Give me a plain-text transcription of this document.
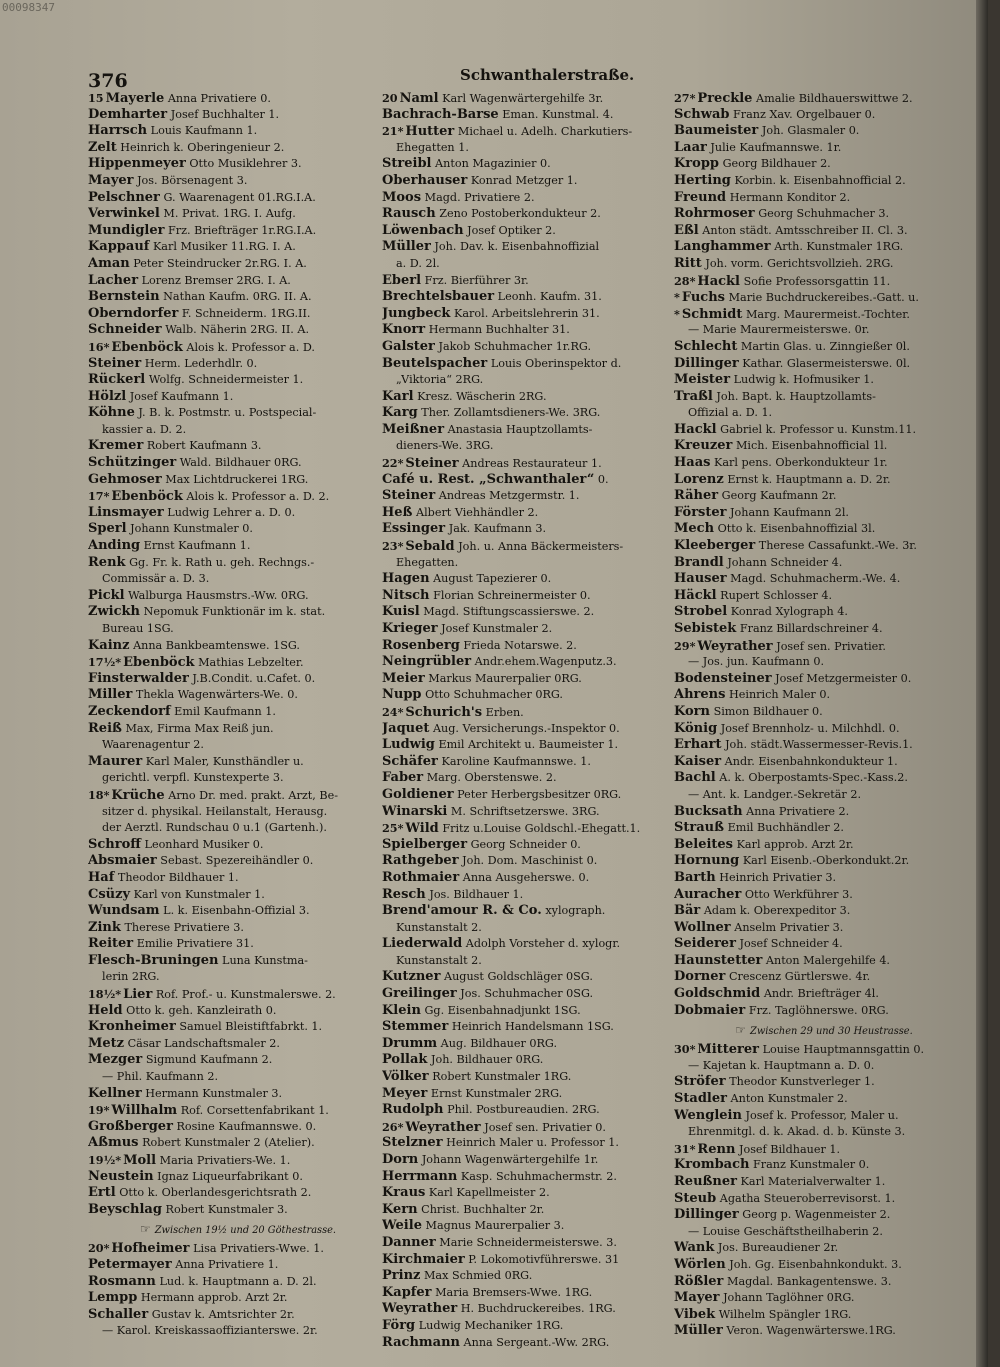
00098347
376	Schwanthalerstraße.
15 Mayerle Anna Privatiere 0.
Demharter Josef Buchhalter 1.
Harrsch Louis Kaufmann 1.
Zelt Heinrich k. Oberingenieur 2.
Hippenmeyer Otto Musiklehrer 3.
Mayer Jos. Börsenagent 3.
Pelschner G. Waarenagent 01.RG.I.A.
Verwinkel M. Privat. 1RG. I. Aufg.
Mundigler Frz. Briefträger 1r.RG.I.A.
Kappauf Karl Musiker 11.RG. I. A.
Aman Peter Steindrucker 2r.RG. I. A.
Lacher Lorenz Bremser 2RG. I. A.
Bernstein Nathan Kaufm. 0RG. II. A.
Oberndorfer F. Schneiderm. 1RG.II.
Schneider Walb. Näherin 2RG. II. A.
16* Ebenböck Alois k. Professor a. D.
Steiner Herm. Lederhdlr. 0.
Rückerl Wolfg. Schneidermeister 1.
Hölzl Josef Kaufmann 1.
Köhne J. B. k. Postmstr. u. Postspecial-
kassier a. D. 2.
Kremer Robert Kaufmann 3.
Schützinger Wald. Bildhauer 0RG.
Gehmoser Max Lichtdruckerei 1RG.
17* Ebenböck Alois k. Professor a. D. 2.
Linsmayer Ludwig Lehrer a. D. 0.
Sperl Johann Kunstmaler 0.
Anding Ernst Kaufmann 1.
Renk Gg. Fr. k. Rath u. geh. Rechngs.-
Commissär a. D. 3.
Pickl Walburga Hausmstrs.-Ww. 0RG.
Zwickh Nepomuk Funktionär im k. stat.
Bureau 1SG.
Kainz Anna Bankbeamtenswe. 1SG.
17½* Ebenböck Mathias Lebzelter.
Finsterwalder J.B.Condit. u.Cafet. 0.
Miller Thekla Wagenwärters-We. 0.
Zeckendorf Emil Kaufmann 1.
Reiß Max, Firma Max Reiß jun.
Waarenagentur 2.
Maurer Karl Maler, Kunsthändler u.
gerichtl. verpfl. Kunstexperte 3.
18* Krüche Arno Dr. med. prakt. Arzt, Be-
sitzer d. physikal. Heilanstalt, Herausg.
der Aerztl. Rundschau 0 u.1 (Gartenh.).
Schroff Leonhard Musiker 0.
Absmaier Sebast. Spezereihändler 0.
Haf Theodor Bildhauer 1.
Csüzy Karl von Kunstmaler 1.
Wundsam L. k. Eisenbahn-Offizial 3.
Zink Therese Privatiere 3.
Reiter Emilie Privatiere 31.
Flesch-Bruningen Luna Kunstma-
lerin 2RG.
18½* Lier Rof. Prof.- u. Kunstmalerswe. 2.
Held Otto k. geh. Kanzleirath 0.
Kronheimer Samuel Bleistiftfabrkt. 1.
Metz Cäsar Landschaftsmaler 2.
Mezger Sigmund Kaufmann 2.
— Phil. Kaufmann 2.
Kellner Hermann Kunstmaler 3.
19* Willhalm Rof. Corsettenfabrikant 1.
Großberger Rosine Kaufmannswe. 0.
Aßmus Robert Kunstmaler 2 (Atelier).
19½* Moll Maria Privatiers-We. 1.
Neustein Ignaz Liqueurfabrikant 0.
Ertl Otto k. Oberlandesgerichtsrath 2.
Beyschlag Robert Kunstmaler 3.
☞ Zwischen 19½ und 20 Göthestrasse.
20* Hofheimer Lisa Privatiers-Wwe. 1.
Petermayer Anna Privatiere 1.
Rosmann Lud. k. Hauptmann a. D. 2l.
Lempp Hermann approb. Arzt 2r.
Schaller Gustav k. Amtsrichter 2r.
— Karol. Kreiskassaoffizianterswe. 2r.
20 Naml Karl Wagenwärtergehilfe 3r.
Bachrach-Barse Eman. Kunstmal. 4.
21* Hutter Michael u. Adelh. Charkutiers-
Ehegatten 1.
Streibl Anton Magazinier 0.
Oberhauser Konrad Metzger 1.
Moos Magd. Privatiere 2.
Rausch Zeno Postoberkondukteur 2.
Löwenbach Josef Optiker 2.
Müller Joh. Dav. k. Eisenbahnoffizial
a. D. 2l.
Eberl Frz. Bierführer 3r.
Brechtelsbauer Leonh. Kaufm. 31.
Jungbeck Karol. Arbeitslehrerin 31.
Knorr Hermann Buchhalter 31.
Galster Jakob Schuhmacher 1r.RG.
Beutelspacher Louis Oberinspektor d.
„Viktoria“ 2RG.
Karl Kresz. Wäscherin 2RG.
Karg Ther. Zollamtsdieners-We. 3RG.
Meißner Anastasia Hauptzollamts-
dieners-We. 3RG.
22* Steiner Andreas Restaurateur 1.
Café u. Rest. „Schwanthaler“ 0.
Steiner Andreas Metzgermstr. 1.
Heß Albert Viehhändler 2.
Essinger Jak. Kaufmann 3.
23* Sebald Joh. u. Anna Bäckermeisters-
Ehegatten.
Hagen August Tapezierer 0.
Nitsch Florian Schreinermeister 0.
Kuisl Magd. Stiftungscassierswe. 2.
Krieger Josef Kunstmaler 2.
Rosenberg Frieda Notarswe. 2.
Neingrübler Andr.ehem.Wagenputz.3.
Meier Markus Maurerpalier 0RG.
Nupp Otto Schuhmacher 0RG.
24* Schurich's Erben.
Jaquet Aug. Versicherungs.-Inspektor 0.
Ludwig Emil Architekt u. Baumeister 1.
Schäfer Karoline Kaufmannswe. 1.
Faber Marg. Oberstenswe. 2.
Goldiener Peter Herbergsbesitzer 0RG.
Winarski M. Schriftsetzerswe. 3RG.
25* Wild Fritz u.Louise Goldschl.-Ehegatt.1.
Spielberger Georg Schneider 0.
Rathgeber Joh. Dom. Maschinist 0.
Rothmaier Anna Ausgeherswe. 0.
Resch Jos. Bildhauer 1.
Brend'amour R. & Co. xylograph.
Kunstanstalt 2.
Liederwald Adolph Vorsteher d. xylogr.
Kunstanstalt 2.
Kutzner August Goldschläger 0SG.
Greilinger Jos. Schuhmacher 0SG.
Klein Gg. Eisenbahnadjunkt 1SG.
Stemmer Heinrich Handelsmann 1SG.
Drumm Aug. Bildhauer 0RG.
Pollak Joh. Bildhauer 0RG.
Völker Robert Kunstmaler 1RG.
Meyer Ernst Kunstmaler 2RG.
Rudolph Phil. Postbureaudien. 2RG.
26* Weyrather Josef sen. Privatier 0.
Stelzner Heinrich Maler u. Professor 1.
Dorn Johann Wagenwärtergehilfe 1r.
Herrmann Kasp. Schuhmachermstr. 2.
Kraus Karl Kapellmeister 2.
Kern Christ. Buchhalter 2r.
Weile Magnus Maurerpalier 3.
Danner Marie Schneidermeisterswe. 3.
Kirchmaier P. Lokomotivführerswe. 31
Prinz Max Schmied 0RG.
Kapfer Maria Bremsers-Wwe. 1RG.
Weyrather H. Buchdruckereibes. 1RG.
Förg Ludwig Mechaniker 1RG.
Rachmann Anna Sergeant.-Ww. 2RG.
27* Preckle Amalie Bildhauerswittwe 2.
Schwab Franz Xav. Orgelbauer 0.
Baumeister Joh. Glasmaler 0.
Laar Julie Kaufmannswe. 1r.
Kropp Georg Bildhauer 2.
Herting Korbin. k. Eisenbahnofficial 2.
Freund Hermann Konditor 2.
Rohrmoser Georg Schuhmacher 3.
Eßl Anton städt. Amtsschreiber II. Cl. 3.
Langhammer Arth. Kunstmaler 1RG.
Ritt Joh. vorm. Gerichtsvollzieh. 2RG.
28* Hackl Sofie Professorsgattin 11.
* Fuchs Marie Buchdruckereibes.-Gatt. u.
* Schmidt Marg. Maurermeist.-Tochter.
— Marie Maurermeisterswe. 0r.
Schlecht Martin Glas. u. Zinngießer 0l.
Dillinger Kathar. Glasermeisterswe. 0l.
Meister Ludwig k. Hofmusiker 1.
Traßl Joh. Bapt. k. Hauptzollamts-
Offizial a. D. 1.
Hackl Gabriel k. Professor u. Kunstm.11.
Kreuzer Mich. Eisenbahnofficial 1l.
Haas Karl pens. Oberkondukteur 1r.
Lorenz Ernst k. Hauptmann a. D. 2r.
Räher Georg Kaufmann 2r.
Förster Johann Kaufmann 2l.
Mech Otto k. Eisenbahnoffizial 3l.
Kleeberger Therese Cassafunkt.-We. 3r.
Brandl Johann Schneider 4.
Hauser Magd. Schuhmacherm.-We. 4.
Häckl Rupert Schlosser 4.
Strobel Konrad Xylograph 4.
Sebistek Franz Billardschreiner 4.
29* Weyrather Josef sen. Privatier.
— Jos. jun. Kaufmann 0.
Bodensteiner Josef Metzgermeister 0.
Ahrens Heinrich Maler 0.
Korn Simon Bildhauer 0.
König Josef Brennholz- u. Milchhdl. 0.
Erhart Joh. städt.Wassermesser-Revis.1.
Kaiser Andr. Eisenbahnkondukteur 1.
Bachl A. k. Oberpostamts-Spec.-Kass.2.
— Ant. k. Landger.-Sekretär 2.
Bucksath Anna Privatiere 2.
Strauß Emil Buchhändler 2.
Beleites Karl approb. Arzt 2r.
Hornung Karl Eisenb.-Oberkondukt.2r.
Barth Heinrich Privatier 3.
Auracher Otto Werkführer 3.
Bär Adam k. Oberexpeditor 3.
Wollner Anselm Privatier 3.
Seiderer Josef Schneider 4.
Haunstetter Anton Malergehilfe 4.
Dorner Crescenz Gürtlerswe. 4r.
Goldschmid Andr. Briefträger 4l.
Dobmaier Frz. Taglöhnerswe. 0RG.
☞ Zwischen 29 und 30 Heustrasse.
30* Mitterer Louise Hauptmannsgattin 0.
— Kajetan k. Hauptmann a. D. 0.
Ströfer Theodor Kunstverleger 1.
Stadler Anton Kunstmaler 2.
Wenglein Josef k. Professor, Maler u.
Ehrenmitgl. d. k. Akad. d. b. Künste 3.
31* Renn Josef Bildhauer 1.
Krombach Franz Kunstmaler 0.
Reußner Karl Materialverwalter 1.
Steub Agatha Steueroberrevisorst. 1.
Dillinger Georg p. Wagenmeister 2.
— Louise Geschäftstheilhaberin 2.
Wank Jos. Bureaudiener 2r.
Wörlen Joh. Gg. Eisenbahnkondukt. 3.
Rößler Magdal. Bankagentenswe. 3.
Mayer Johann Taglöhner 0RG.
Vibek Wilhelm Spängler 1RG.
Müller Veron. Wagenwärterswe.1RG.
